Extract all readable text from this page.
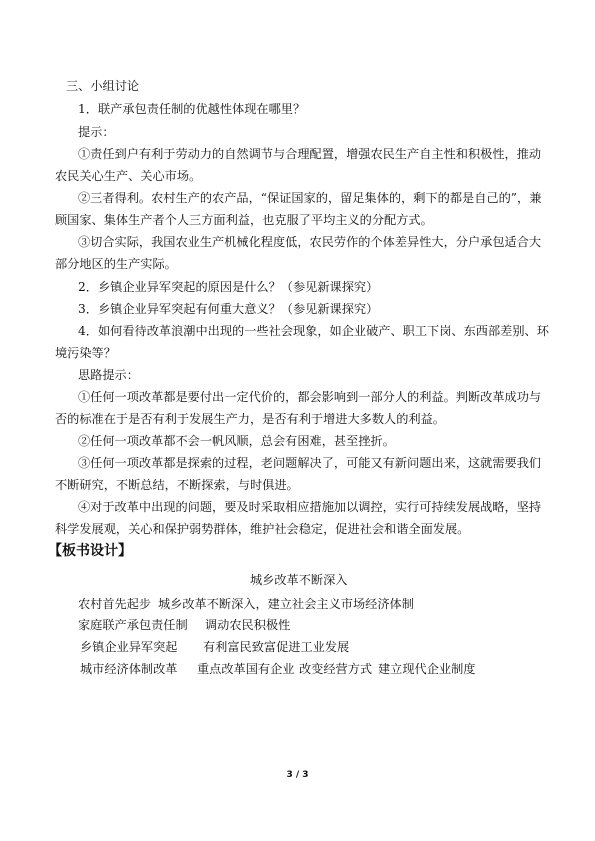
三、小组讨论
1．联产承包责任制的优越性体现在哪里？
提示：
①责任到户有利于劳动力的自然调节与合理配置，增强农民生产自主性和积极性，推动
农民关心生产、关心市场。
②三者得利。农村生产的农产品，“保证国家的，留足集体的，剩下的都是自己的”，兼
顾国家、集体生产者个人三方面利益，也克服了平均主义的分配方式。
③切合实际，我国农业生产机械化程度低，农民劳作的个体差异性大，分户承包适合大
部分地区的生产实际。
2．乡镇企业异军突起的原因是什么？（参见新课探究）
3．乡镇企业异军突起有何重大意义？（参见新课探究）
4．如何看待改革浪潮中出现的一些社会现象，如企业破产、职工下岗、东西部差别、环
境污染等？
思路提示：
①任何一项改革都是要付出一定代价的，都会影响到一部分人的利益。判断改革成功与
否的标准在于是否有利于发展生产力，是否有利于增进大多数人的利益。
②任何一项改革都不会一帆风顺，总会有困难，甚至挫折。
③任何一项改革都是探索的过程，老问题解决了，可能又有新问题出来，这就需要我们
不断研究，不断总结，不断探索，与时俱进。
④对于改革中出现的问题，要及时采取相应措施加以调控，实行可持续发展战略，坚持
科学发展观，关心和保护弱势群体，维护社会稳定，促进社会和谐全面发展。
【板书设计】
城乡改革不断深入
农村首先起步 城乡改革不断深入，建立社会主义市场经济体制
家庭联产承包责任制 调动农民积极性
乡镇企业异军突起 有利富民致富促进工业发展
城市经济体制改革 重点改革国有企业 改变经营方式 建立现代企业制度
3 / 3
